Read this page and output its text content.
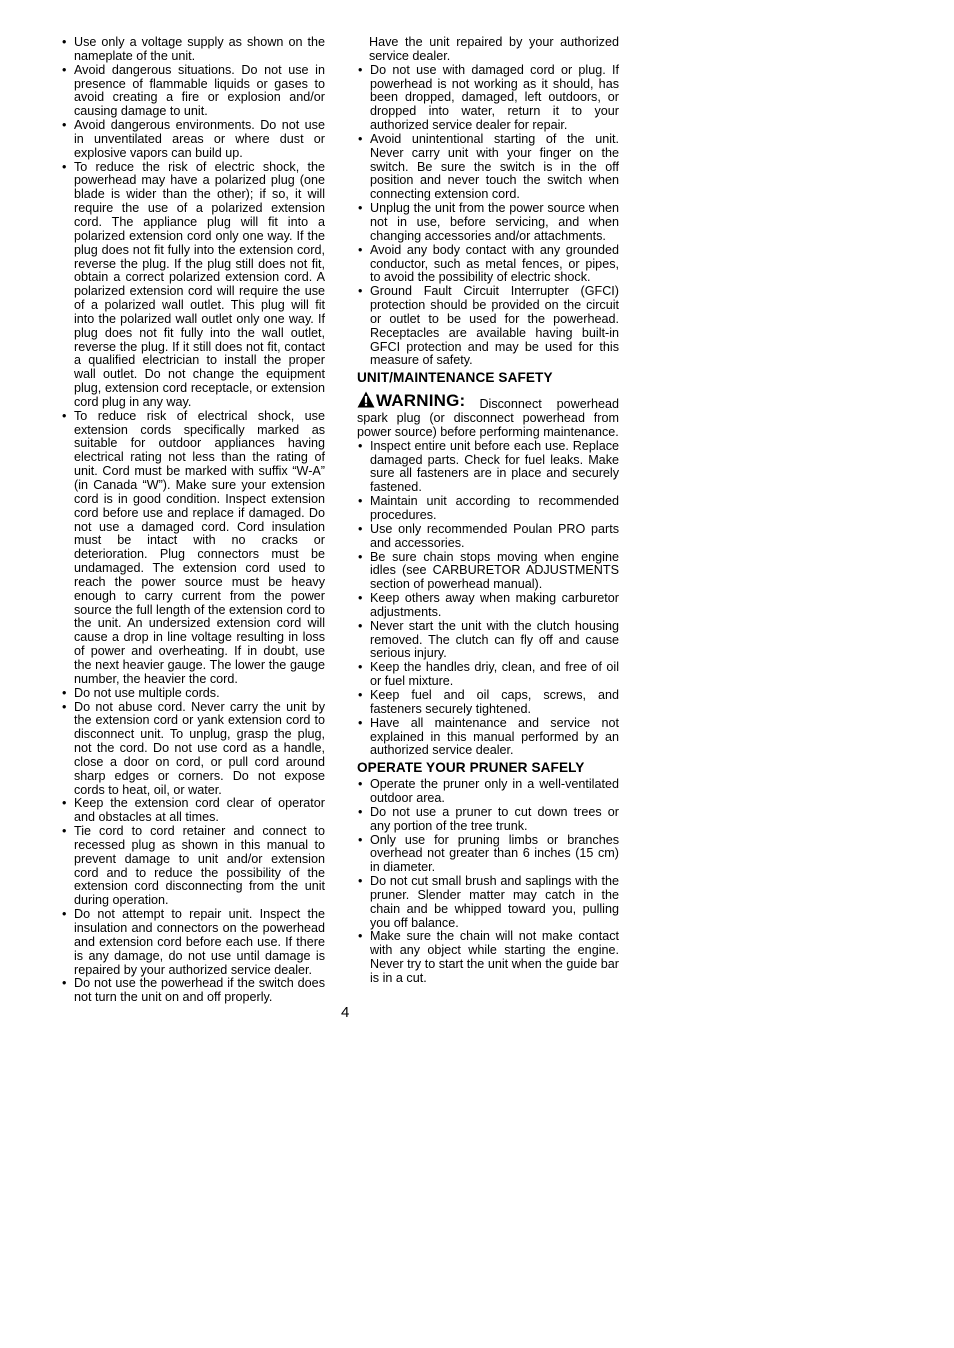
• Use only a voltage supply as shown on the nameplate of the unit.
• Avoid dangerous situations. Do not use in presence of flammable liquids or gases to avoid creating a fire or explosion and/or causing damage to unit.
• Avoid dangerous environments. Do not use in unventilated areas or where dust or explosive vapors can build up.
• To reduce the risk of electric shock, the powerhead may have a polarized plug (one blade is wider than the other); if so, it will require the use of a polarized extension cord. The appliance plug will fit into a polarized extension cord only one way. If the plug does not fit fully into the extension cord, reverse the plug. If the plug still does not fit, obtain a correct polarized extension cord. A polarized extension cord will require the use of a polarized wall outlet. This plug will fit into the polarized wall outlet only one way. If plug does not fit fully into the wall outlet, reverse the plug. If it still does not fit, contact a qualified electrician to install the proper wall outlet. Do not change the equipment plug, extension cord receptacle, or extension cord plug in any way.
• To reduce risk of electrical shock, use extension cords specifically marked as suitable for outdoor appliances having electrical rating not less than the rating of unit. Cord must be marked with suffix “W-A” (in Canada “W”). Make sure your extension cord is in good condition. Inspect extension cord before use and replace if damaged. Do not use a damaged cord. Cord insulation must be intact with no cracks or deterioration. Plug connectors must be undamaged. The extension cord used to reach the power source must be heavy enough to carry current from the power source the full length of the extension cord to the unit. An undersized extension cord will cause a drop in line voltage resulting in loss of power and overheating. If in doubt, use the next heavier gauge. The lower the gauge number, the heavier the cord.
• Do not use multiple cords.
• Do not abuse cord. Never carry the unit by the extension cord or yank extension cord to disconnect unit. To unplug, grasp the plug, not the cord. Do not use cord as a handle, close a door on cord, or pull cord around sharp edges or corners. Do not expose cords to heat, oil, or water.
• Keep the extension cord clear of operator and obstacles at all times.
• Tie cord to cord retainer and connect to recessed plug as shown in this manual to prevent damage to unit and/or extension cord and to reduce the possibility of the extension cord disconnecting from the unit during operation.
• Do not attempt to repair unit. Inspect the insulation and connectors on the powerhead and extension cord before each use. If there is any damage, do not use until damage is repaired by your authorized service dealer.
• Do not use the powerhead if the switch does not turn the unit on and off properly.

Have the unit repaired by your authorized service dealer.

• Do not use with damaged cord or plug. If powerhead is not working as it should, has been dropped, damaged, left outdoors, or dropped into water, return it to your authorized service dealer for repair.
• Avoid unintentional starting of the unit. Never carry unit with your finger on the switch. Be sure the switch is in the off position and never touch the switch when connecting extension cord.
• Unplug the unit from the power source when not in use, before servicing, and when changing accessories and/or attachments.
• Avoid any body contact with any grounded conductor, such as metal fences, or pipes, to avoid the possibility of electric shock.
• Ground Fault Circuit Interrupter (GFCI) protection should be provided on the circuit or outlet to be used for the powerhead. Receptacles are available having built-in GFCI protection and may be used for this measure of safety.
UNIT/MAINTENANCE SAFETY

WARNING: Disconnect powerhead spark plug (or disconnect powerhead from power source) before performing maintenance.

• Inspect entire unit before each use. Replace damaged parts. Check for fuel leaks. Make sure all fasteners are in place and securely fastened.
• Maintain unit according to recommended procedures.
• Use only recommended Poulan PRO parts and accessories.
• Be sure chain stops moving when engine idles (see CARBURETOR ADJUSTMENTS section of powerhead manual).
• Keep others away when making carburetor adjustments.
• Never start the unit with the clutch housing removed. The clutch can fly off and cause serious injury.
• Keep the handles driy, clean, and free of oil or fuel mixture.
• Keep fuel and oil caps, screws, and fasteners securely tightened.
• Have all maintenance and service not explained in this manual performed by an authorized service dealer.
OPERATE YOUR PRUNER SAFELY
• Operate the pruner only in a well-ventilated outdoor area.
• Do not use a pruner to cut down trees or any portion of the tree trunk.
• Only use for pruning limbs or branches overhead not greater than 6 inches (15 cm) in diameter.
• Do not cut small brush and saplings with the pruner. Slender matter may catch in the chain and be whipped toward you, pulling you off balance.
• Make sure the chain will not make contact with any object while starting the engine. Never try to start the unit when the guide bar is in a cut.
4
